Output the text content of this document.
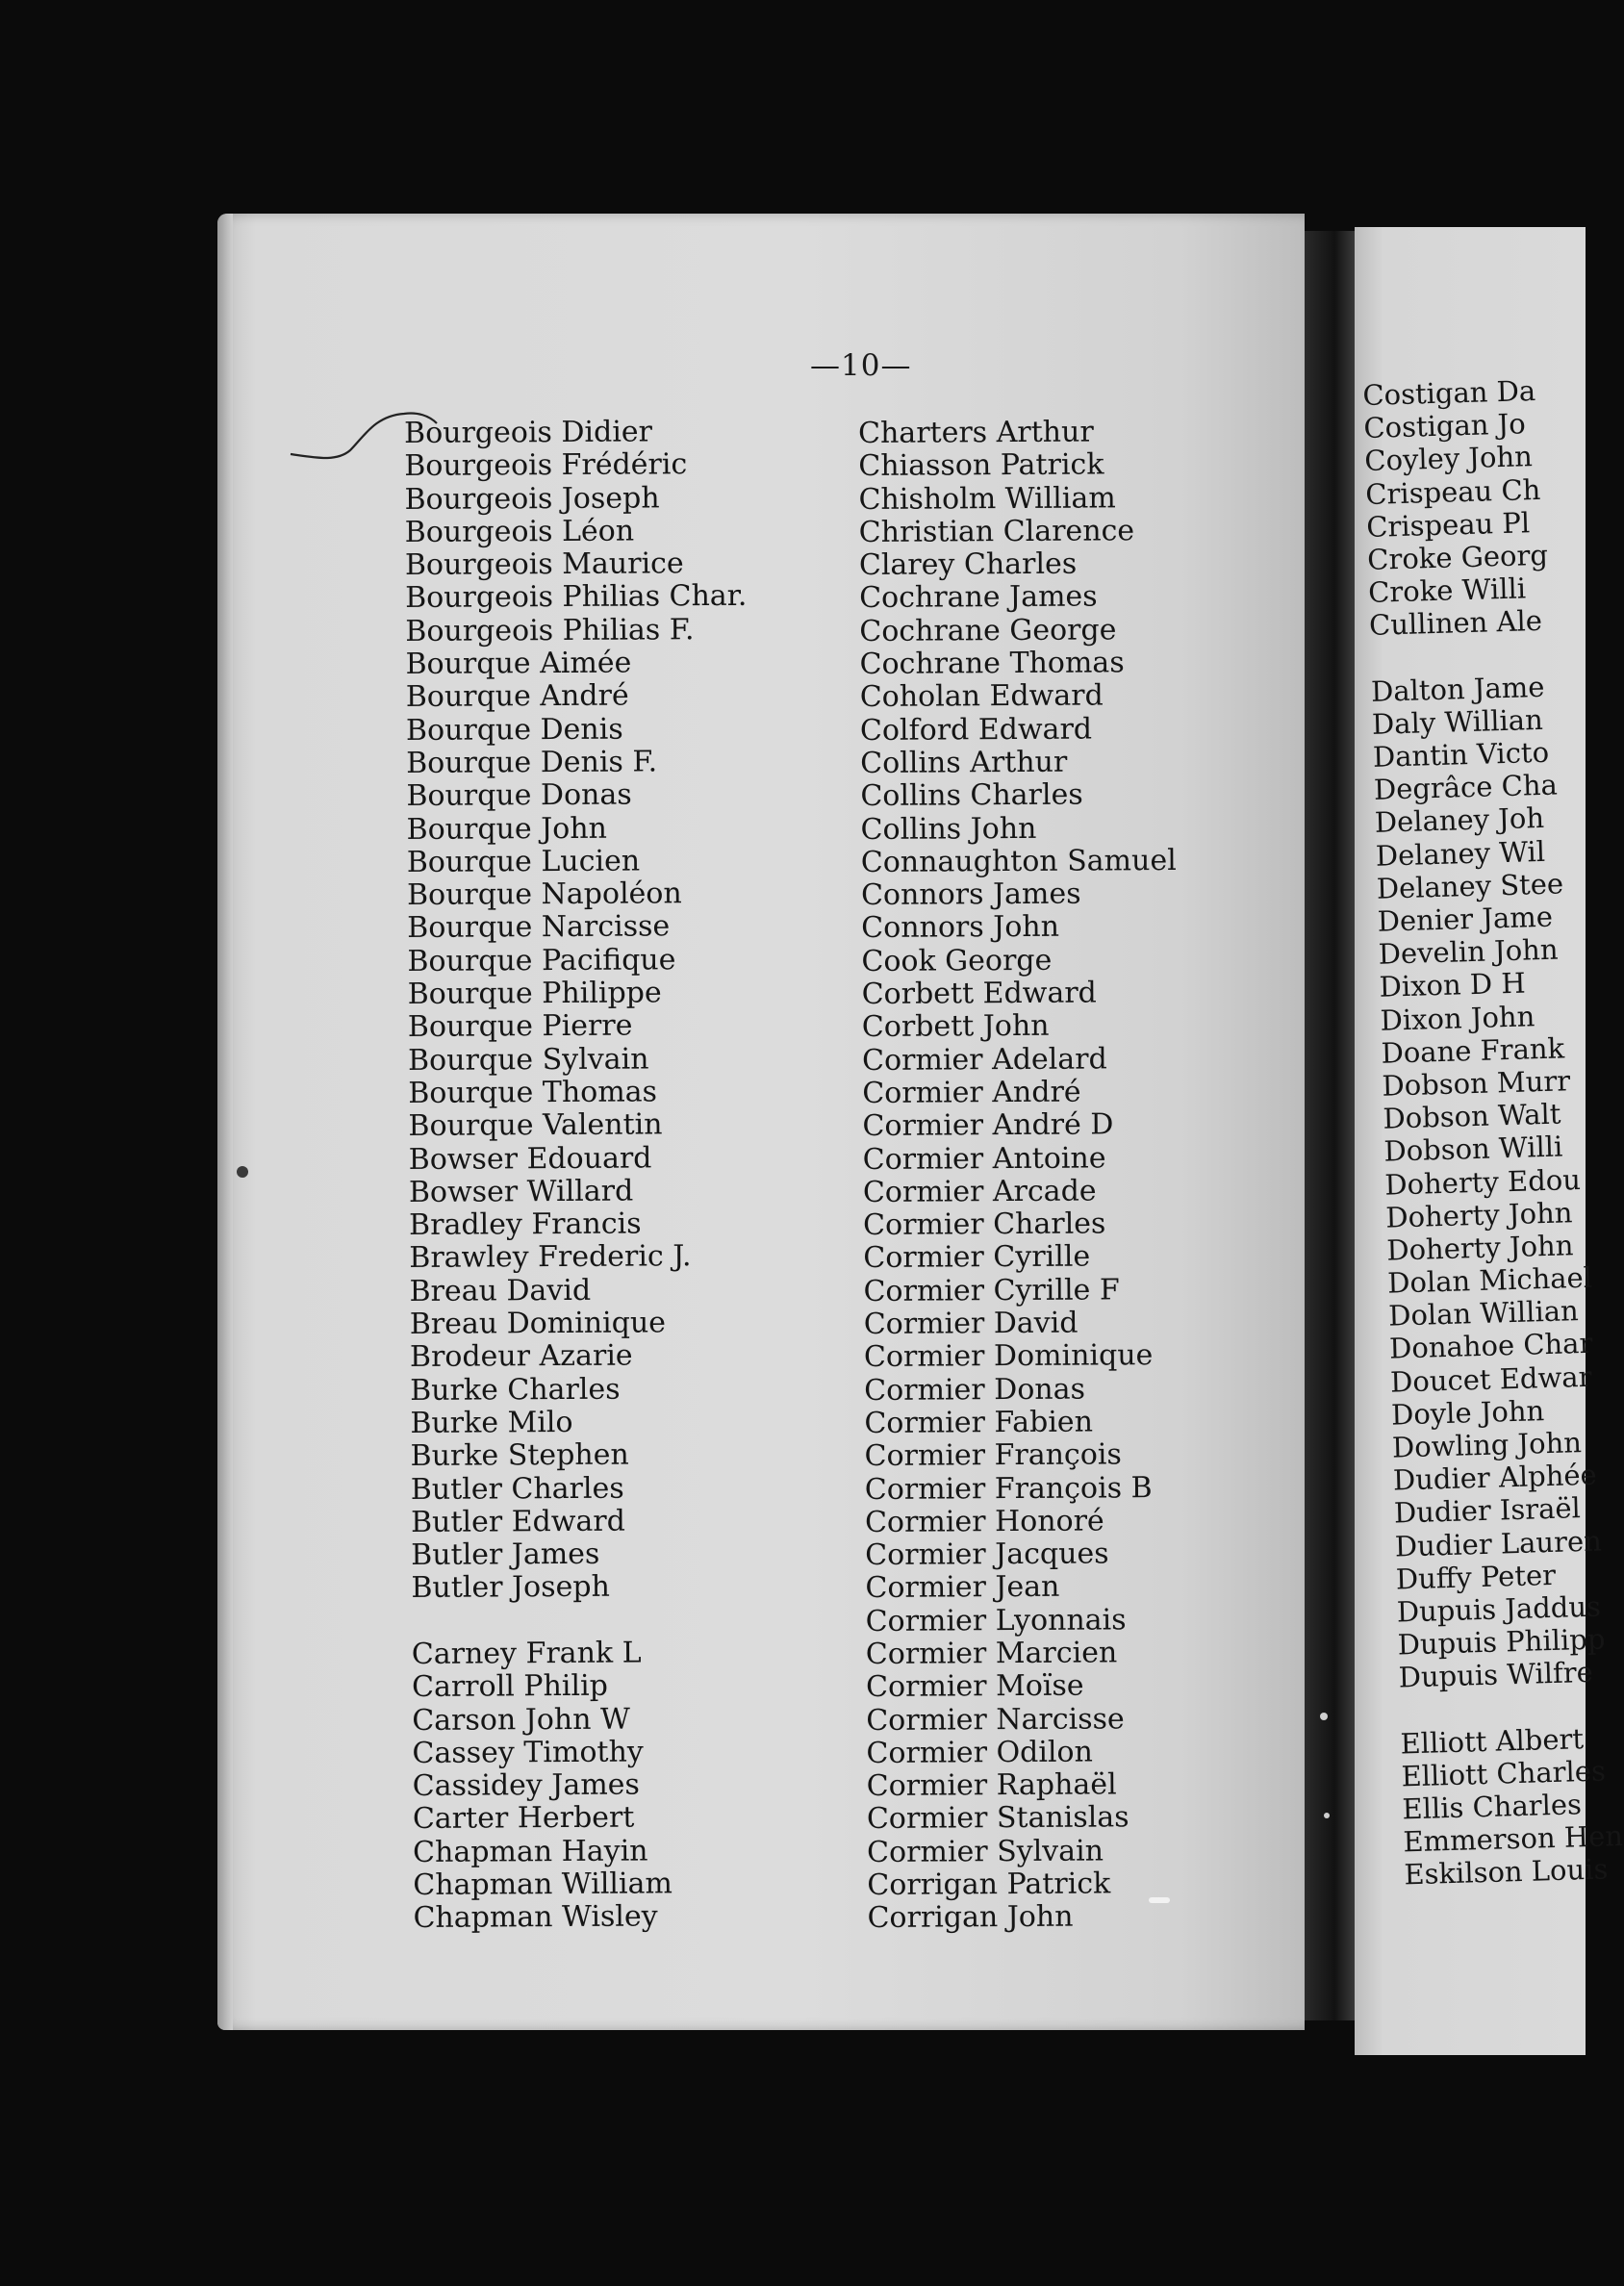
Costigan Da
Costigan Jo
Coyley John
Crispeau Ch
Crispeau Pl
Croke Georg
Croke Willi
Cullinen Ale
Dalton Jame
Daly Willian
Dantin Victo
Degrâce Cha
Delaney Joh
Delaney Wil
Delaney Stee
Denier Jame
Develin John
Dixon D H
Dixon John
Doane Frank
Dobson Murr
Dobson Walt
Dobson Willi
Doherty Edou
Doherty John
Doherty John
Dolan Michael
Dolan Willian
Donahoe Char
Doucet Edwar
Doyle John
Dowling John
Dudier Alphée
Dudier Israël
Dudier Lauren
Duffy Peter
Dupuis Jaddus
Dupuis Philipp
Dupuis Wilfre
Elliott Albert
Elliott Charles
Ellis Charles
Emmerson Hen
Eskilson Louis
—10—
Bourgeois Didier
Bourgeois Frédéric
Bourgeois Joseph
Bourgeois Léon
Bourgeois Maurice
Bourgeois Philias Char.
Bourgeois Philias F.
Bourque Aimée
Bourque André
Bourque Denis
Bourque Denis F.
Bourque Donas
Bourque John
Bourque Lucien
Bourque Napoléon
Bourque Narcisse
Bourque Pacifique
Bourque Philippe
Bourque Pierre
Bourque Sylvain
Bourque Thomas
Bourque Valentin
Bowser Edouard
Bowser Willard
Bradley Francis
Brawley Frederic J.
Breau David
Breau Dominique
Brodeur Azarie
Burke Charles
Burke Milo
Burke Stephen
Butler Charles
Butler Edward
Butler James
Butler Joseph
Carney Frank L
Carroll Philip
Carson John W
Cassey Timothy
Cassidey James
Carter Herbert
Chapman Hayin
Chapman William
Chapman Wisley
Charters Arthur
Chiasson Patrick
Chisholm William
Christian Clarence
Clarey Charles
Cochrane James
Cochrane George
Cochrane Thomas
Coholan Edward
Colford Edward
Collins Arthur
Collins Charles
Collins John
Connaughton Samuel
Connors James
Connors John
Cook George
Corbett Edward
Corbett John
Cormier Adelard
Cormier André
Cormier André D
Cormier Antoine
Cormier Arcade
Cormier Charles
Cormier Cyrille
Cormier Cyrille F
Cormier David
Cormier Dominique
Cormier Donas
Cormier Fabien
Cormier François
Cormier François B
Cormier Honoré
Cormier Jacques
Cormier Jean
Cormier Lyonnais
Cormier Marcien
Cormier Moïse
Cormier Narcisse
Cormier Odilon
Cormier Raphaël
Cormier Stanislas
Cormier Sylvain
Corrigan Patrick
Corrigan John
